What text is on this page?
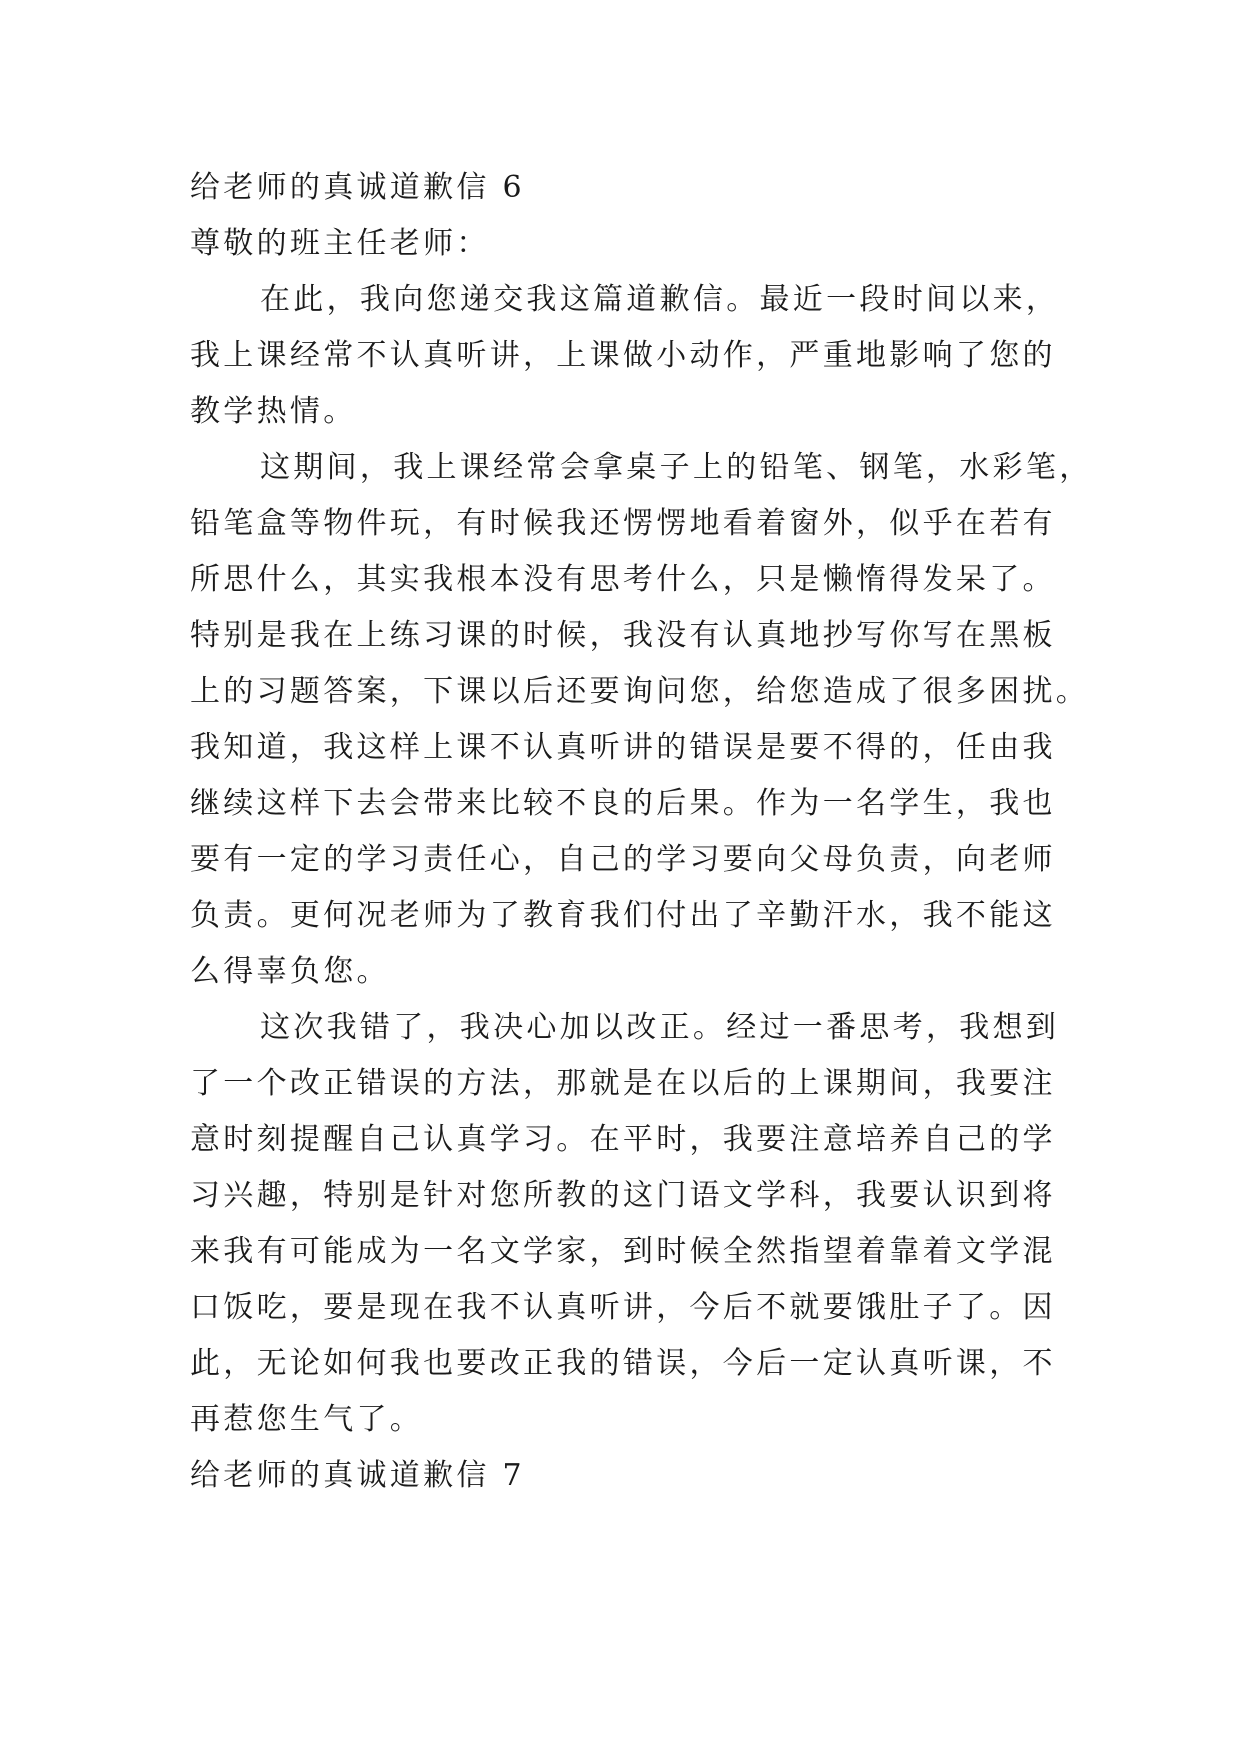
给老师的真诚道歉信 6

尊敬的班主任老师：

在此，我向您递交我这篇道歉信。最近一段时间以来，

我上课经常不认真听讲，上课做小动作，严重地影响了您的

教学热情。

这期间，我上课经常会拿桌子上的铅笔、钢笔，水彩笔，

铅笔盒等物件玩，有时候我还愣愣地看着窗外，似乎在若有

所思什么，其实我根本没有思考什么，只是懒惰得发呆了。

特别是我在上练习课的时候，我没有认真地抄写你写在黑板

上的习题答案，下课以后还要询问您，给您造成了很多困扰。

我知道，我这样上课不认真听讲的错误是要不得的，任由我

继续这样下去会带来比较不良的后果。作为一名学生，我也

要有一定的学习责任心，自己的学习要向父母负责，向老师

负责。更何况老师为了教育我们付出了辛勤汗水，我不能这

么得辜负您。

这次我错了，我决心加以改正。经过一番思考，我想到

了一个改正错误的方法，那就是在以后的上课期间，我要注

意时刻提醒自己认真学习。在平时，我要注意培养自己的学

习兴趣，特别是针对您所教的这门语文学科，我要认识到将

来我有可能成为一名文学家，到时候全然指望着靠着文学混

口饭吃，要是现在我不认真听讲，今后不就要饿肚子了。因

此，无论如何我也要改正我的错误，今后一定认真听课，不

再惹您生气了。

给老师的真诚道歉信 7
